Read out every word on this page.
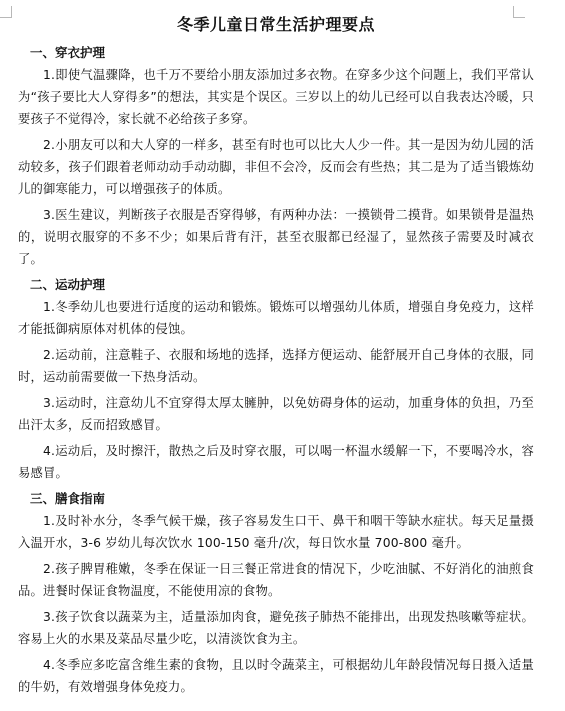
冬季儿童日常生活护理要点
一、穿衣护理

1.即使气温骤降，也千万不要给小朋友添加过多衣物。在穿多少这个问题上，我们平常认为“孩子要比大人穿得多”的想法，其实是个误区。三岁以上的幼儿已经可以自我表达冷暖，只要孩子不觉得冷，家长就不必给孩子多穿。

2.小朋友可以和大人穿的一样多，甚至有时也可以比大人少一件。其一是因为幼儿园的活动较多，孩子们跟着老师动动手动动脚，非但不会冷，反而会有些热；其二是为了适当锻炼幼儿的御寒能力，可以增强孩子的体质。

3.医生建议，判断孩子衣服是否穿得够，有两种办法：一摸锁骨二摸背。如果锁骨是温热的，说明衣服穿的不多不少；如果后背有汗，甚至衣服都已经湿了，显然孩子需要及时减衣了。

二、运动护理

1.冬季幼儿也要进行适度的运动和锻炼。锻炼可以增强幼儿体质，增强自身免疫力，这样才能抵御病原体对机体的侵蚀。

2.运动前，注意鞋子、衣服和场地的选择，选择方便运动、能舒展开自己身体的衣服，同时，运动前需要做一下热身活动。

3.运动时，注意幼儿不宜穿得太厚太臃肿，以免妨碍身体的运动，加重身体的负担，乃至出汗太多，反而招致感冒。

4.运动后，及时擦汗，散热之后及时穿衣服，可以喝一杯温水缓解一下，不要喝冷水，容易感冒。

三、膳食指南

1.及时补水分，冬季气候干燥，孩子容易发生口干、鼻干和咽干等缺水症状。每天足量摄入温开水，3-6 岁幼儿每次饮水 100-150 毫升/次，每日饮水量 700-800 毫升。

2.孩子脾胃稚嫩，冬季在保证一日三餐正常进食的情况下，少吃油腻、不好消化的油煎食品。进餐时保证食物温度，不能使用凉的食物。

3.孩子饮食以蔬菜为主，适量添加肉食，避免孩子肺热不能排出，出现发热咳嗽等症状。容易上火的水果及菜品尽量少吃，以清淡饮食为主。

4.冬季应多吃富含维生素的食物，且以时令蔬菜主，可根据幼儿年龄段情况每日摄入适量的牛奶，有效增强身体免疫力。
